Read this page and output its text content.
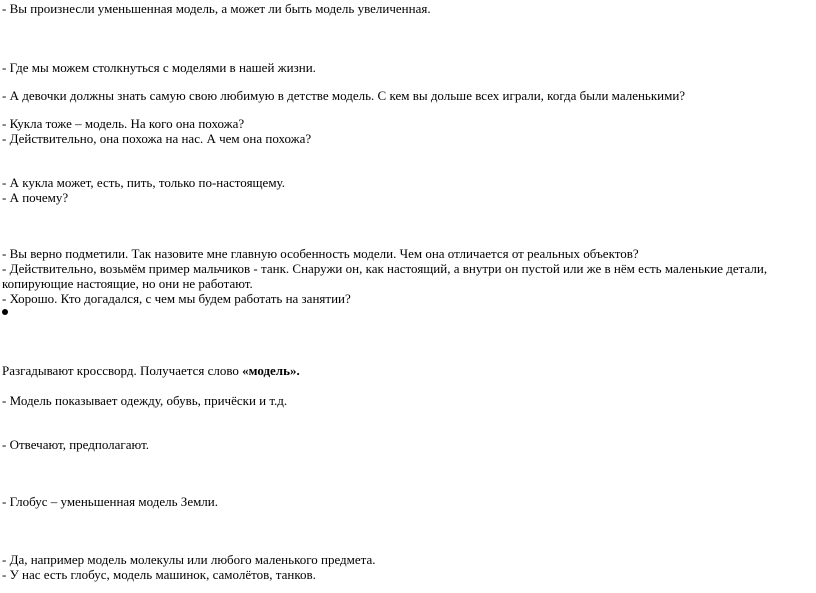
- Вы произнесли уменьшенная модель, а может ли быть модель увеличенная.

- Где мы можем столкнуться с моделями в нашей жизни.

- А девочки должны знать самую свою любимую в детстве модель. С кем вы дольше всех играли, когда были маленькими?

- Кукла тоже – модель. На кого она похожа?

- Действительно, она похожа на нас. А чем она похожа?

- А кукла может, есть, пить, только по-настоящему.

- А почему?

- Вы верно подметили. Так назовите мне главную особенность модели. Чем она отличается от реальных объектов?

- Действительно, возьмём пример мальчиков - танк. Снаружи он, как настоящий, а внутри он пустой или же в нём есть маленькие детали, копирующие настоящие, но они не работают.

- Хорошо. Кто догадался, с чем мы будем работать на занятии?

Разгадывают кроссворд. Получается слово «модель».

- Модель показывает одежду, обувь, причёски и т.д.

- Отвечают, предполагают.

- Глобус – уменьшенная модель Земли.

- Да, например модель молекулы или любого маленького предмета.

- У нас есть глобус, модель машинок, самолётов, танков.
